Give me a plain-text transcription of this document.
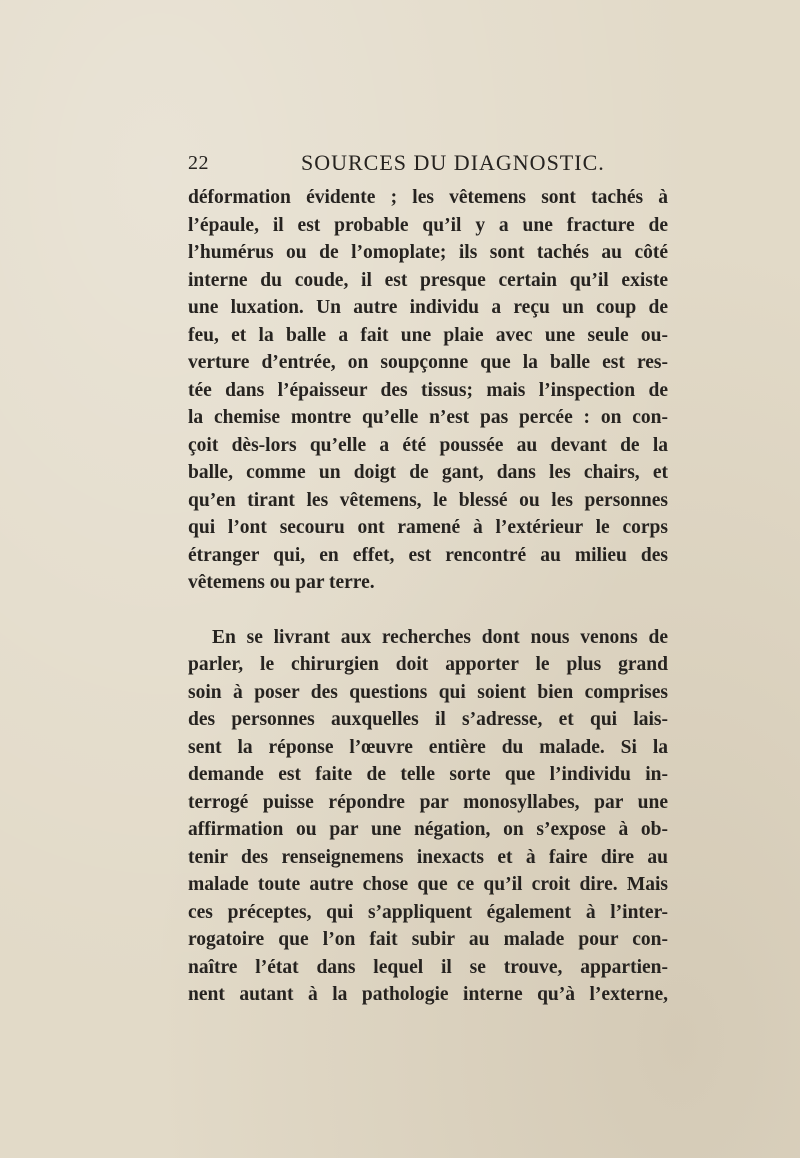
22	SOURCES DU DIAGNOSTIC.
déformation évidente ; les vêtemens sont tachés à
l’épaule, il est probable qu’il y a une fracture de
l’humérus ou de l’omoplate; ils sont tachés au côté
interne du coude, il est presque certain qu’il existe
une luxation. Un autre individu a reçu un coup de
feu, et la balle a fait une plaie avec une seule ou-
verture d’entrée, on soupçonne que la balle est res-
tée dans l’épaisseur des tissus; mais l’inspection de
la chemise montre qu’elle n’est pas percée : on con-
çoit dès-lors qu’elle a été poussée au devant de la
balle, comme un doigt de gant, dans les chairs, et
qu’en tirant les vêtemens, le blessé ou les personnes
qui l’ont secouru ont ramené à l’extérieur le corps
étranger qui, en effet, est rencontré au milieu des
vêtemens ou par terre.
En se livrant aux recherches dont nous venons de
parler, le chirurgien doit apporter le plus grand
soin à poser des questions qui soient bien comprises
des personnes auxquelles il s’adresse, et qui lais-
sent la réponse l’œuvre entière du malade. Si la
demande est faite de telle sorte que l’individu in-
terrogé puisse répondre par monosyllabes, par une
affirmation ou par une négation, on s’expose à ob-
tenir des renseignemens inexacts et à faire dire au
malade toute autre chose que ce qu’il croit dire. Mais
ces préceptes, qui s’appliquent également à l’inter-
rogatoire que l’on fait subir au malade pour con-
naître l’état dans lequel il se trouve, appartien-
nent autant à la pathologie interne qu’à l’externe,
